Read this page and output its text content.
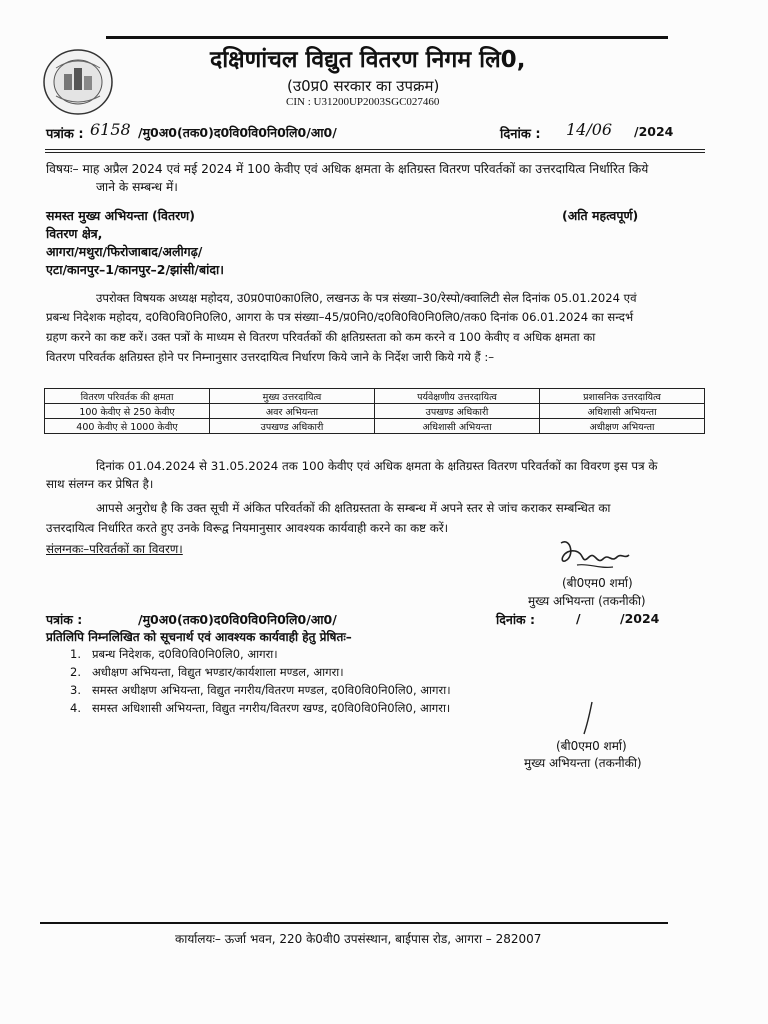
दक्षिणांचल विद्युत वितरण निगम लि0,
(उ0प्र0 सरकार का उपक्रम)
CIN : U31200UP2003SGC027460
पत्रांक : 6158 /मु0अ0(तक0)द0वि0वि0नि0लि0/आ0/	दिनांक : 14/06 /2024
विषयः– माह अप्रैल 2024 एवं मई 2024 में 100 केवीए एवं अधिक क्षमता के क्षतिग्रस्त वितरण परिवर्तकों का उत्तरदायित्व निर्धारित किये
जाने के सम्बन्ध में।
समस्त मुख्य अभियन्ता (वितरण)	(अति महत्वपूर्ण)
वितरण क्षेत्र,
आगरा/मथुरा/फिरोजाबाद/अलीगढ़/
एटा/कानपुर–1/कानपुर–2/झांसी/बांदा।
उपरोक्त विषयक अध्यक्ष महोदय, उ0प्र0पा0का0लि0, लखनऊ के पत्र संख्या–30/रेस्पो/क्वालिटी सेल दिनांक 05.01.2024 एवं
प्रबन्ध निदेशक महोदय, द0वि0वि0नि0लि0, आगरा के पत्र संख्या–45/प्र0नि0/द0वि0वि0नि0लि0/तक0 दिनांक 06.01.2024 का सन्दर्भ
ग्रहण करने का कष्ट करें। उक्त पत्रों के माध्यम से वितरण परिवर्तकों की क्षतिग्रस्तता को कम करने व 100 केवीए व अधिक क्षमता का
वितरण परिवर्तक क्षतिग्रस्त होने पर निम्नानुसार उत्तरदायित्व निर्धारण किये जाने के निर्देश जारी किये गये हैं :–
वितरण परिवर्तक की क्षमता	मुख्य उत्तरदायित्व	पर्यवेक्षणीय उत्तरदायित्व	प्रशासनिक उत्तरदायित्व
100 केवीए से 250 केवीए	अवर अभियन्ता	उपखण्ड अधिकारी	अधिशासी अभियन्ता
400 केवीए से 1000 केवीए	उपखण्ड अधिकारी	अधिशासी अभियन्ता	अधीक्षण अभियन्ता
दिनांक 01.04.2024 से 31.05.2024 तक 100 केवीए एवं अधिक क्षमता के क्षतिग्रस्त वितरण परिवर्तकों का विवरण इस पत्र के
साथ संलग्न कर प्रेषित है।
आपसे अनुरोध है कि उक्त सूची में अंकित परिवर्तकों की क्षतिग्रस्तता के सम्बन्ध में अपने स्तर से जांच कराकर सम्बन्धित का
उत्तरदायित्व निर्धारित करते हुए उनके विरूद्व नियमानुसार आवश्यक कार्यवाही करने का कष्ट करें।
संलग्नकः–परिवर्तकों का विवरण।
(बी0एम0 शर्मा)
मुख्य अभियन्ता (तकनीकी)
पत्रांक :	/मु0अ0(तक0)द0वि0वि0नि0लि0/आ0/	दिनांक :	/	/2024
प्रतिलिपि निम्नलिखित को सूचनार्थ एवं आवश्यक कार्यवाही हेतु प्रेषितः–
1. प्रबन्ध निदेशक, द0वि0वि0नि0लि0, आगरा।
2. अधीक्षण अभियन्ता, विद्युत भण्डार/कार्यशाला मण्डल, आगरा।
3. समस्त अधीक्षण अभियन्ता, विद्युत नगरीय/वितरण मण्डल, द0वि0वि0नि0लि0, आगरा।
4. समस्त अधिशासी अभियन्ता, विद्युत नगरीय/वितरण खण्ड, द0वि0वि0नि0लि0, आगरा।
(बी0एम0 शर्मा)
मुख्य अभियन्ता (तकनीकी)
कार्यालयः– ऊर्जा भवन, 220 के0वी0 उपसंस्थान, बाईपास रोड, आगरा – 282007
